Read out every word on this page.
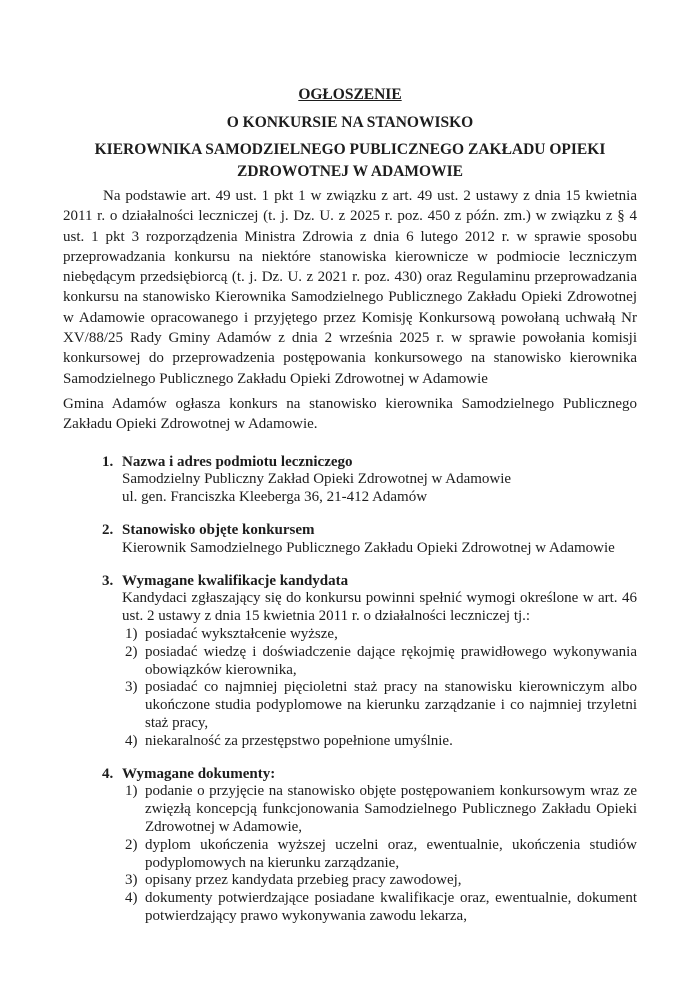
OGŁOSZENIE
O KONKURSIE NA STANOWISKO
KIEROWNIKA SAMODZIELNEGO PUBLICZNEGO ZAKŁADU OPIEKI
ZDROWOTNEJ W ADAMOWIE

Na podstawie art. 49 ust. 1 pkt 1 w związku z art. 49 ust. 2 ustawy z dnia 15 kwietnia 2011 r. o działalności leczniczej (t. j. Dz. U. z 2025 r. poz. 450 z późn. zm.) w związku z § 4 ust. 1 pkt 3 rozporządzenia Ministra Zdrowia z dnia 6 lutego 2012 r. w sprawie sposobu przeprowadzania konkursu na niektóre stanowiska kierownicze w podmiocie leczniczym niebędącym przedsiębiorcą (t. j. Dz. U. z 2021 r. poz. 430) oraz Regulaminu przeprowadzania konkursu na stanowisko Kierownika Samodzielnego Publicznego Zakładu Opieki Zdrowotnej w Adamowie opracowanego i przyjętego przez Komisję Konkursową powołaną uchwałą Nr XV/88/25 Rady Gminy Adamów z dnia 2 września 2025 r. w sprawie powołania komisji konkursowej do przeprowadzenia postępowania konkursowego na stanowisko kierownika Samodzielnego Publicznego Zakładu Opieki Zdrowotnej w Adamowie

Gmina Adamów ogłasza konkurs na stanowisko kierownika Samodzielnego Publicznego Zakładu Opieki Zdrowotnej w Adamowie.

1. Nazwa i adres podmiotu leczniczego
Samodzielny Publiczny Zakład Opieki Zdrowotnej w Adamowie
ul. gen. Franciszka Kleeberga 36, 21-412 Adamów
2. Stanowisko objęte konkursem
Kierownik Samodzielnego Publicznego Zakładu Opieki Zdrowotnej w Adamowie
3. Wymagane kwalifikacje kandydata
Kandydaci zgłaszający się do konkursu powinni spełnić wymogi określone w art. 46 ust. 2 ustawy z dnia 15 kwietnia 2011 r. o działalności leczniczej tj.:
1) posiadać wykształcenie wyższe,
2) posiadać wiedzę i doświadczenie dające rękojmię prawidłowego wykonywania obowiązków kierownika,
3) posiadać co najmniej pięcioletni staż pracy na stanowisku kierowniczym albo ukończone studia podyplomowe na kierunku zarządzanie i co najmniej trzyletni staż pracy,
4) niekaralność za przestępstwo popełnione umyślnie.
4. Wymagane dokumenty:
1) podanie o przyjęcie na stanowisko objęte postępowaniem konkursowym wraz ze zwięzłą koncepcją funkcjonowania Samodzielnego Publicznego Zakładu Opieki Zdrowotnej w Adamowie,
2) dyplom ukończenia wyższej uczelni oraz, ewentualnie, ukończenia studiów podyplomowych na kierunku zarządzanie,
3) opisany przez kandydata przebieg pracy zawodowej,
4) dokumenty potwierdzające posiadane kwalifikacje oraz, ewentualnie, dokument potwierdzający prawo wykonywania zawodu lekarza,
